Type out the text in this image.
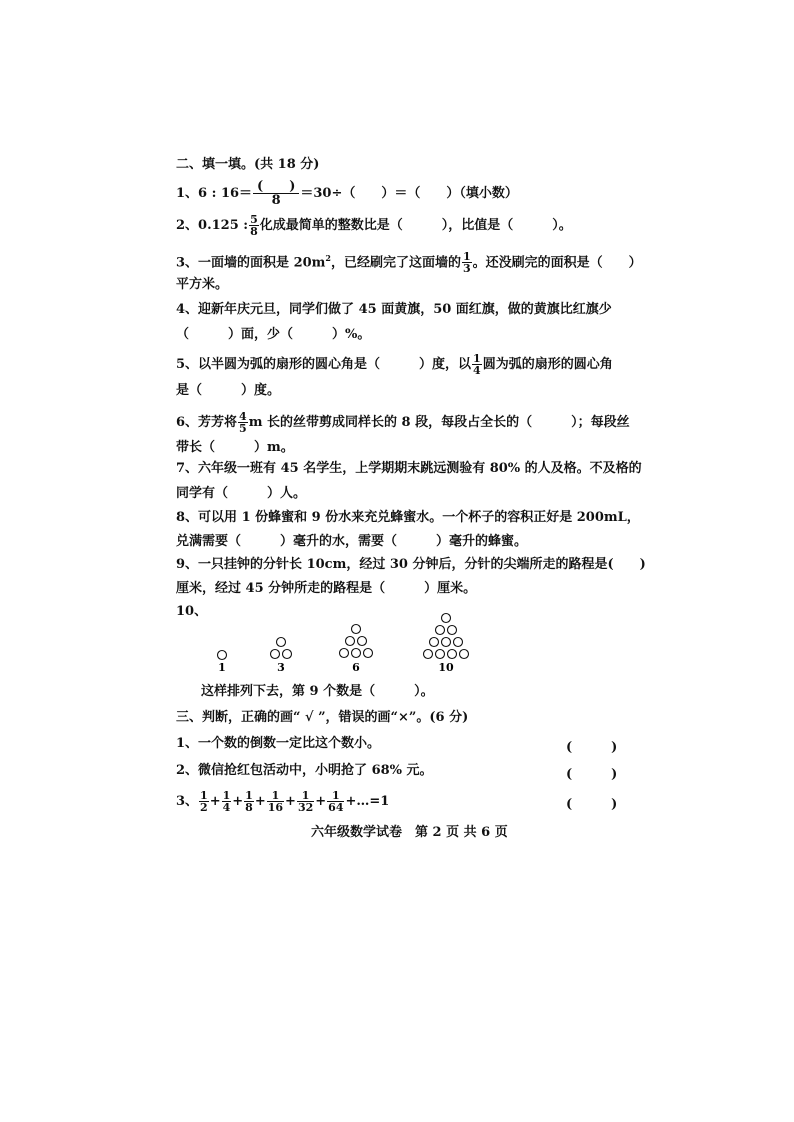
二、填一填。(共 18 分)
1、6 : $16= \frac{( )}{8} =30\div$（　　）＝（　　）（填小数）
2、0.125 : $\frac{5}{8}$ 化成最简单的整数比是（　　　），比值是（　　　）。
3、一面墙的面积是 $20m^2$，已经刷完了这面墙的 $\frac{1}{3}$ 。还没刷完的面积是（　　）
平方米。
4、迎新年庆元旦，同学们做了 45 面黄旗，50 面红旗，做的黄旗比红旗少
（　　　）面，少（　　　）%。
5、以半圆为弧的扇形的圆心角是（　　　）度，以 $\frac{1}{4}$ 圆为弧的扇形的圆心角
是（　　　）度。
6、芳芳将 $\frac{4}{5}$ m 长的丝带剪成同样长的 8 段，每段占全长的（　　　）；每段丝
带长（　　　）m。
7、六年级一班有 45 名学生，上学期期末跳远测验有 80% 的人及格。不及格的
同学有（　　　）人。
8、可以用 1 份蜂蜜和 9 份水来充兑蜂蜜水。一个杯子的容积正好是 200mL，
兑满需要（　　　）毫升的水，需要（　　　）毫升的蜂蜜。
9、一只挂钟的分针长 10cm，经过 30 分钟后，分针的尖端所走的路程是(　　)
厘米，经过 45 分钟所走的路程是（　　　）厘米。
10、
1	3	6	10
这样排列下去，第 9 个数是（　　　）。
三、判断，正确的画“ √ ”，错误的画“×”。(6 分)
1、一个数的倒数一定比这个数小。	(　　　)
2、微信抢红包活动中，小明抢了 68% 元。	(　　　)
3、 $\frac{1}{2} + \frac{1}{4} + \frac{1}{8} + \frac{1}{16} + \frac{1}{32} + \frac{1}{64}$ +…=1	(　　　)
六年级数学试卷　第 2 页 共 6 页
